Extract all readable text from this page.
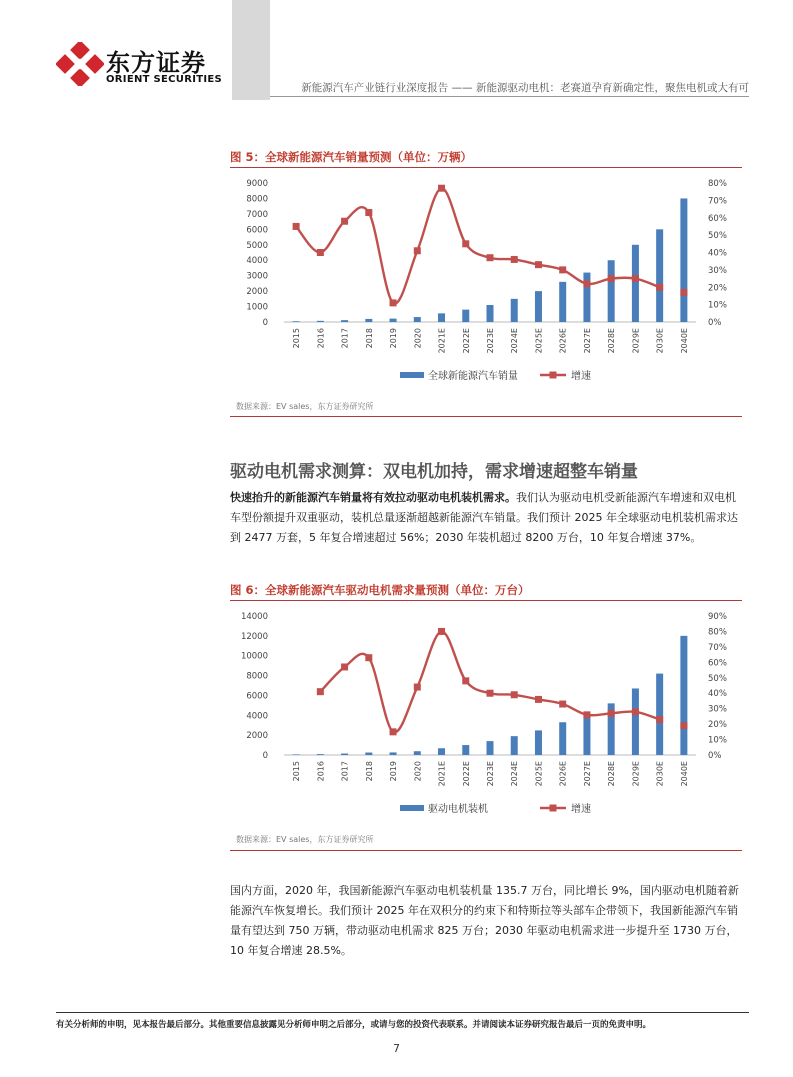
东方证券
ORIENT SECURITIES
新能源汽车产业链行业深度报告 —— 新能源驱动电机：老赛道孕育新确定性，聚焦电机或大有可
图 5：全球新能源汽车销量预测（单位：万辆）
0
1000
2000
3000
4000
5000
6000
7000
8000
9000
0%
10%
20%
30%
40%
50%
60%
70%
80%
2015 2016 2017 2018 2019 2020 2021E 2022E 2023E 2024E 2025E 2026E 2027E 2028E 2029E 2030E 2040E
全球新能源汽车销量	增速
数据来源：EV sales，东方证券研究所
驱动电机需求测算：双电机加持，需求增速超整车销量
快速抬升的新能源汽车销量将有效拉动驱动电机装机需求。我们认为驱动电机受新能源汽车增速和双电机车型份额提升双重驱动，装机总量逐渐超越新能源汽车销量。我们预计 2025 年全球驱动电机装机需求达到 2477 万套，5 年复合增速超过 56%；2030 年装机超过 8200 万台，10 年复合增速 37%。
图 6：全球新能源汽车驱动电机需求量预测（单位：万台）
0
2000
4000
6000
8000
10000
12000
14000
0%
10%
20%
30%
40%
50%
60%
70%
80%
90%
2015 2016 2017 2018 2019 2020 2021E 2022E 2023E 2024E 2025E 2026E 2027E 2028E 2029E 2030E 2040E
驱动电机装机	增速
数据来源：EV sales，东方证券研究所
国内方面，2020 年，我国新能源汽车驱动电机装机量 135.7 万台，同比增长 9%，国内驱动电机随着新能源汽车恢复增长。我们预计 2025 年在双积分的约束下和特斯拉等头部车企带领下，我国新能源汽车销量有望达到 750 万辆，带动驱动电机需求 825 万台；2030 年驱动电机需求进一步提升至 1730 万台，10 年复合增速 28.5%。
有关分析师的申明，见本报告最后部分。其他重要信息披露见分析师申明之后部分，或请与您的投资代表联系。并请阅读本证券研究报告最后一页的免责申明。
7
